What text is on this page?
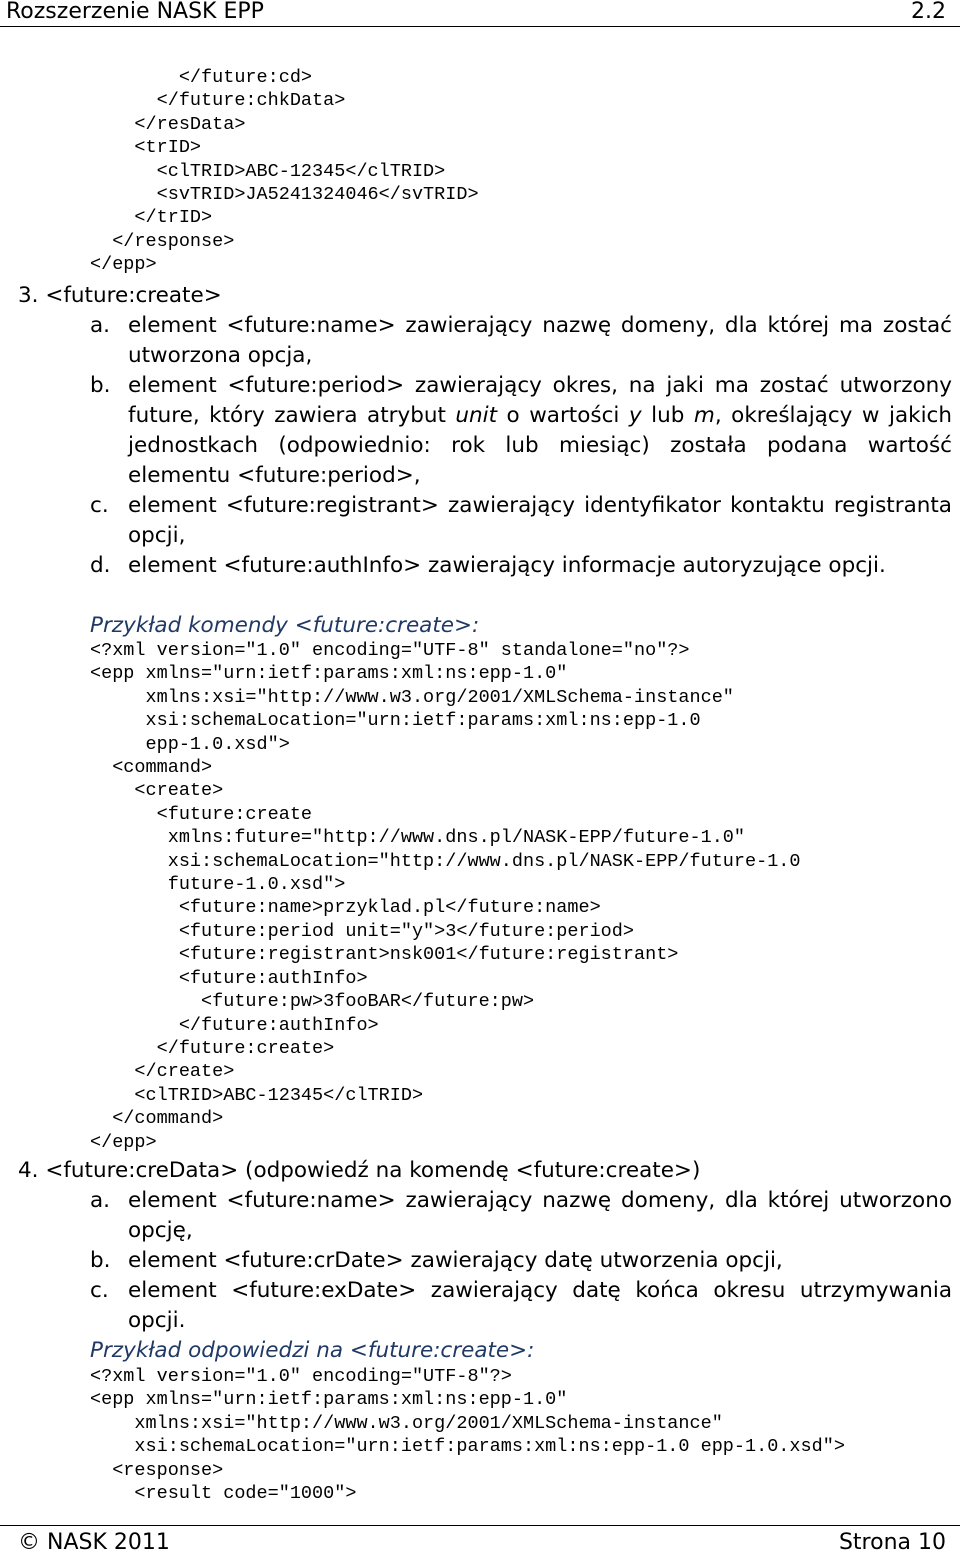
Rozszerzenie NASK EPP	2.2
</future:cd>
</future:chkData>
</resData>
<trID>
<clTRID>ABC-12345</clTRID>
<svTRID>JA5241324046</svTRID>
</trID>
</response>
</epp>
3. <future:create>
a. element <future:name> zawierający nazwę domeny, dla której ma zostać utworzona opcja,
b. element <future:period> zawierający okres, na jaki ma zostać utworzony future, który zawiera atrybut unit o wartości y lub m, określający w jakich jednostkach (odpowiednio: rok lub miesiąc) została podana wartość elementu <future:period>,
c. element <future:registrant> zawierający identyfikator kontaktu registranta opcji,
d. element <future:authInfo> zawierający informacje autoryzujące opcji.
Przykład komendy <future:create>:
<?xml version="1.0" encoding="UTF-8" standalone="no"?>
<epp xmlns="urn:ietf:params:xml:ns:epp-1.0"
xmlns:xsi="http://www.w3.org/2001/XMLSchema-instance"
xsi:schemaLocation="urn:ietf:params:xml:ns:epp-1.0
epp-1.0.xsd">
<command>
<create>
<future:create
xmlns:future="http://www.dns.pl/NASK-EPP/future-1.0"
xsi:schemaLocation="http://www.dns.pl/NASK-EPP/future-1.0
future-1.0.xsd">
<future:name>przyklad.pl</future:name>
<future:period unit="y">3</future:period>
<future:registrant>nsk001</future:registrant>
<future:authInfo>
<future:pw>3fooBAR</future:pw>
</future:authInfo>
</future:create>
</create>
<clTRID>ABC-12345</clTRID>
</command>
</epp>
4. <future:creData> (odpowiedź na komendę <future:create>)
a. element <future:name> zawierający nazwę domeny, dla której utworzono opcję,
b. element <future:crDate> zawierający datę utworzenia opcji,
c. element <future:exDate> zawierający datę końca okresu utrzymywania opcji.
Przykład odpowiedzi na <future:create>:
<?xml version="1.0" encoding="UTF-8"?>
<epp xmlns="urn:ietf:params:xml:ns:epp-1.0"
xmlns:xsi="http://www.w3.org/2001/XMLSchema-instance"
xsi:schemaLocation="urn:ietf:params:xml:ns:epp-1.0 epp-1.0.xsd">
<response>
<result code="1000">
© NASK 2011	Strona 10
